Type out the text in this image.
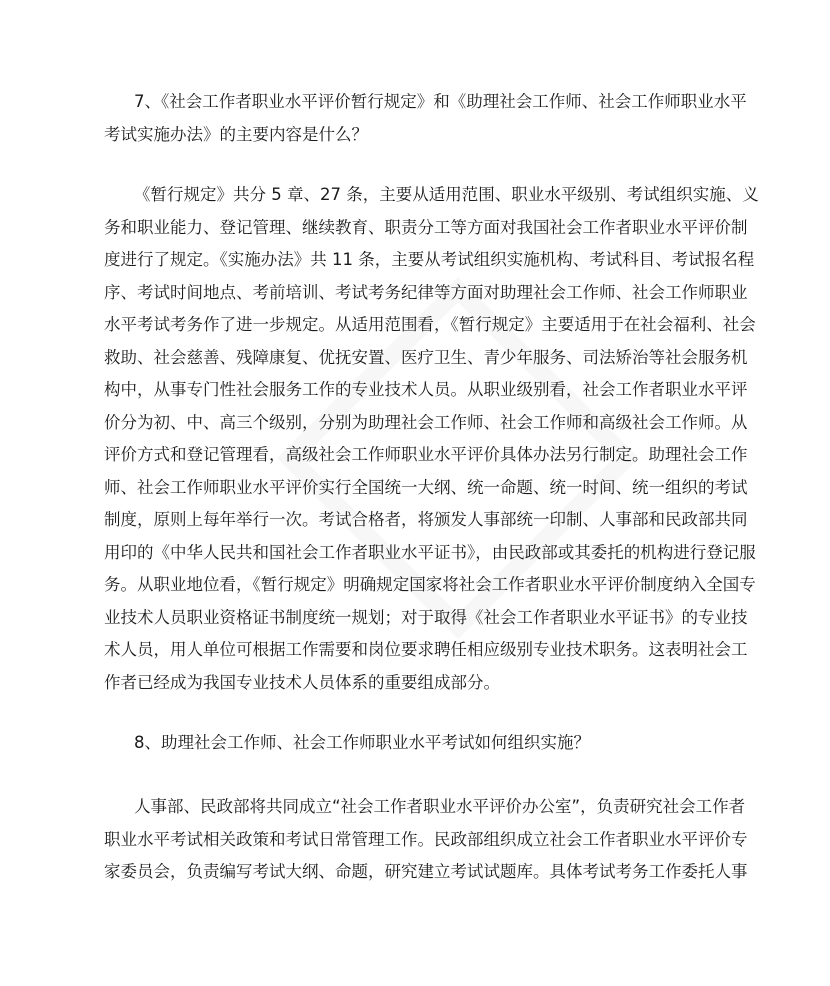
7、《社会工作者职业水平评价暂行规定》和《助理社会工作师、社会工作师职业水平
考试实施办法》的主要内容是什么？
《暂行规定》共分 5 章、27 条，主要从适用范围、职业水平级别、考试组织实施、义
务和职业能力、登记管理、继续教育、职责分工等方面对我国社会工作者职业水平评价制
度进行了规定。《实施办法》共 11 条，主要从考试组织实施机构、考试科目、考试报名程
序、考试时间地点、考前培训、考试考务纪律等方面对助理社会工作师、社会工作师职业
水平考试考务作了进一步规定。从适用范围看，《暂行规定》主要适用于在社会福利、社会
救助、社会慈善、残障康复、优抚安置、医疗卫生、青少年服务、司法矫治等社会服务机
构中，从事专门性社会服务工作的专业技术人员。从职业级别看，社会工作者职业水平评
价分为初、中、高三个级别，分别为助理社会工作师、社会工作师和高级社会工作师。从
评价方式和登记管理看，高级社会工作师职业水平评价具体办法另行制定。助理社会工作
师、社会工作师职业水平评价实行全国统一大纲、统一命题、统一时间、统一组织的考试
制度，原则上每年举行一次。考试合格者，将颁发人事部统一印制、人事部和民政部共同
用印的《中华人民共和国社会工作者职业水平证书》，由民政部或其委托的机构进行登记服
务。从职业地位看，《暂行规定》明确规定国家将社会工作者职业水平评价制度纳入全国专
业技术人员职业资格证书制度统一规划；对于取得《社会工作者职业水平证书》的专业技
术人员，用人单位可根据工作需要和岗位要求聘任相应级别专业技术职务。这表明社会工
作者已经成为我国专业技术人员体系的重要组成部分。
8、助理社会工作师、社会工作师职业水平考试如何组织实施？
人事部、民政部将共同成立“社会工作者职业水平评价办公室”，负责研究社会工作者
职业水平考试相关政策和考试日常管理工作。民政部组织成立社会工作者职业水平评价专
家委员会，负责编写考试大纲、命题，研究建立考试试题库。具体考试考务工作委托人事
